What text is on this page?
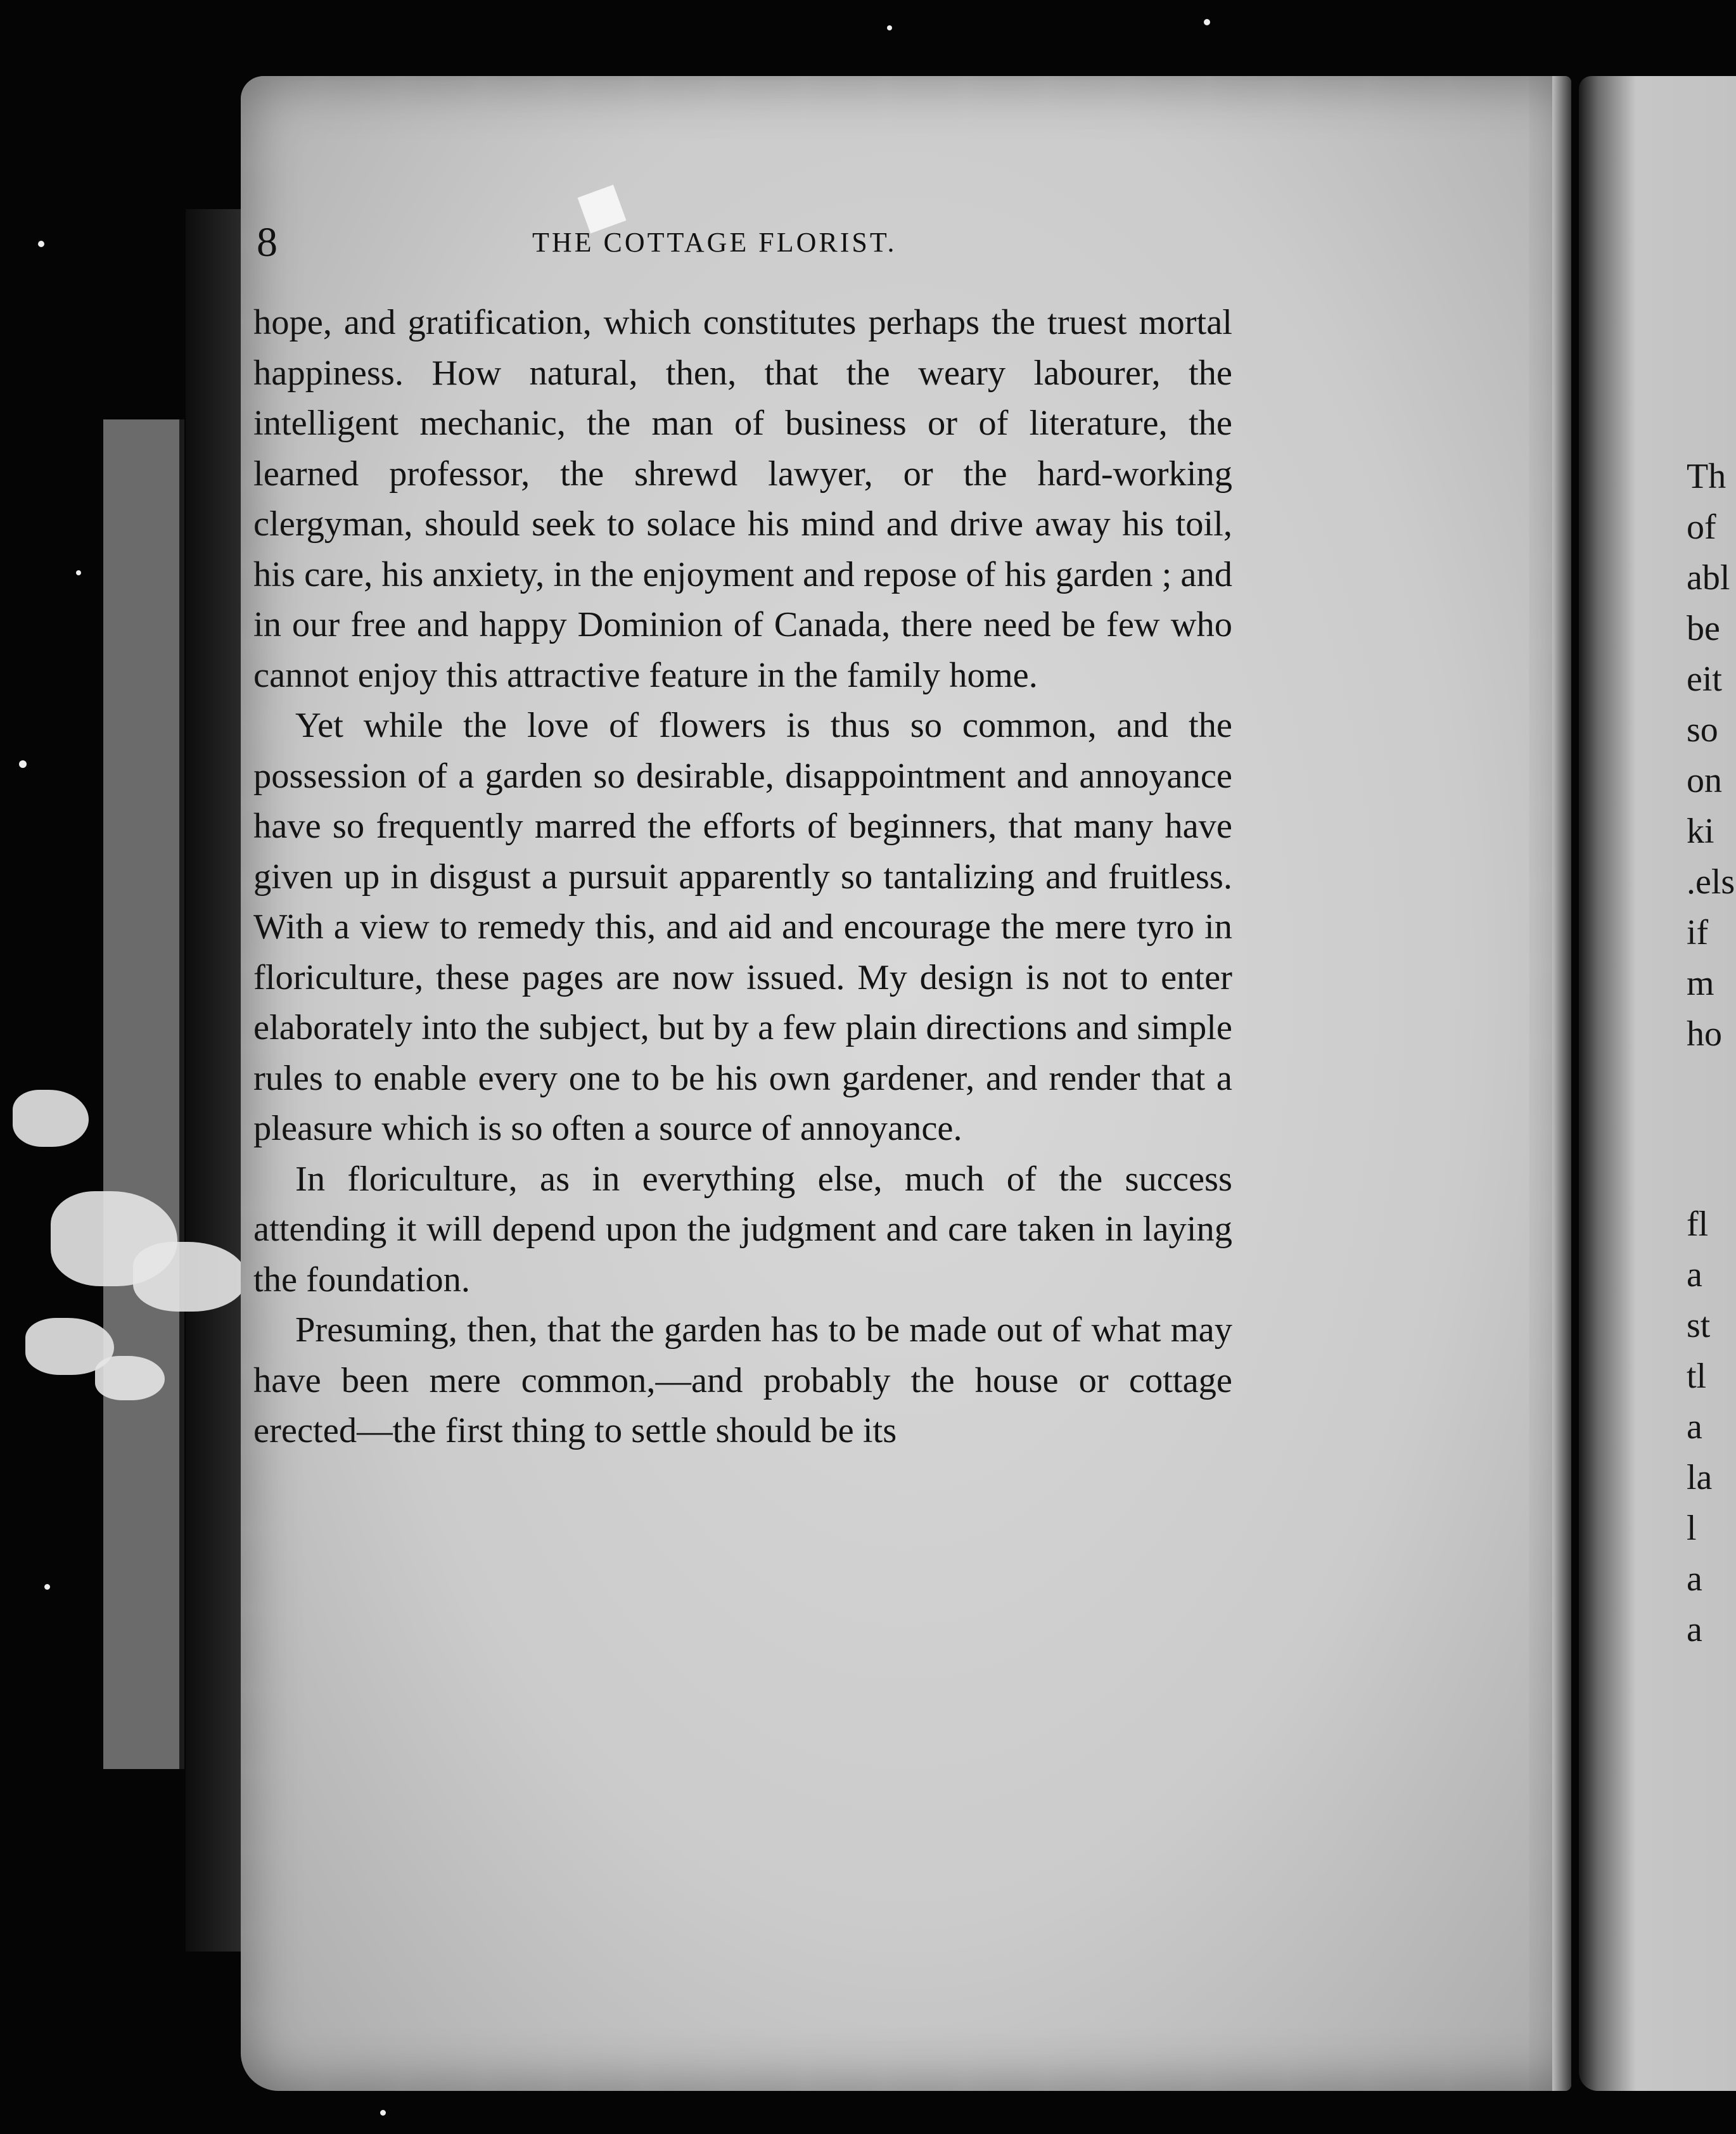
8	THE COTTAGE FLORIST.

hope, and gratification, which constitutes perhaps the truest mortal happiness. How natural, then, that the weary labourer, the intelligent mechanic, the man of business or of literature, the learned professor, the shrewd lawyer, or the hard-working clergyman, should seek to solace his mind and drive away his toil, his care, his anxiety, in the enjoyment and repose of his garden ; and in our free and happy Dominion of Canada, there need be few who cannot enjoy this attractive feature in the family home.

Yet while the love of flowers is thus so common, and the possession of a garden so desirable, disappointment and annoyance have so frequently marred the efforts of beginners, that many have given up in disgust a pursuit apparently so tantalizing and fruitless. With a view to remedy this, and aid and encourage the mere tyro in floriculture, these pages are now issued. My design is not to enter elaborately into the subject, but by a few plain directions and simple rules to enable every one to be his own gardener, and render that a pleasure which is so often a source of annoyance.

In floriculture, as in everything else, much of the success attending it will depend upon the judgment and care taken in laying the foundation.

Presuming, then, that the garden has to be made out of what may have been mere common,—and probably the house or cottage erected—the first thing to settle should be its

Th
of
abl
be
eit
so
on
ki
.els
if
m
ho
fl
a
st
tl
a
la
l
a
a
